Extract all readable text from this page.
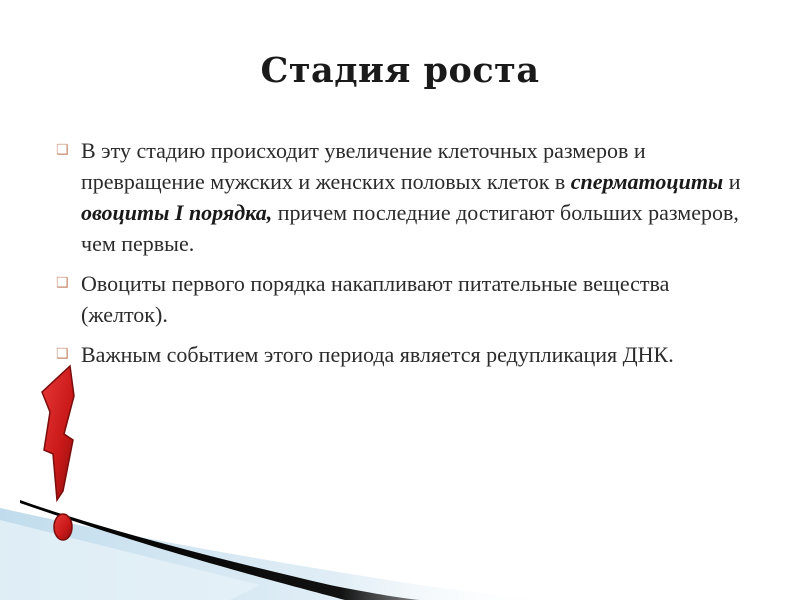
Стадия роста
❑ В эту стадию происходит увеличение клеточных размеров и превращение мужских и женских половых клеток в сперматоциты и овоциты I порядка, причем последние достигают больших размеров, чем первые.
❑ Овоциты первого порядка накапливают питательные вещества (желток).
❑ Важным событием этого периода является редупликация ДНК.
